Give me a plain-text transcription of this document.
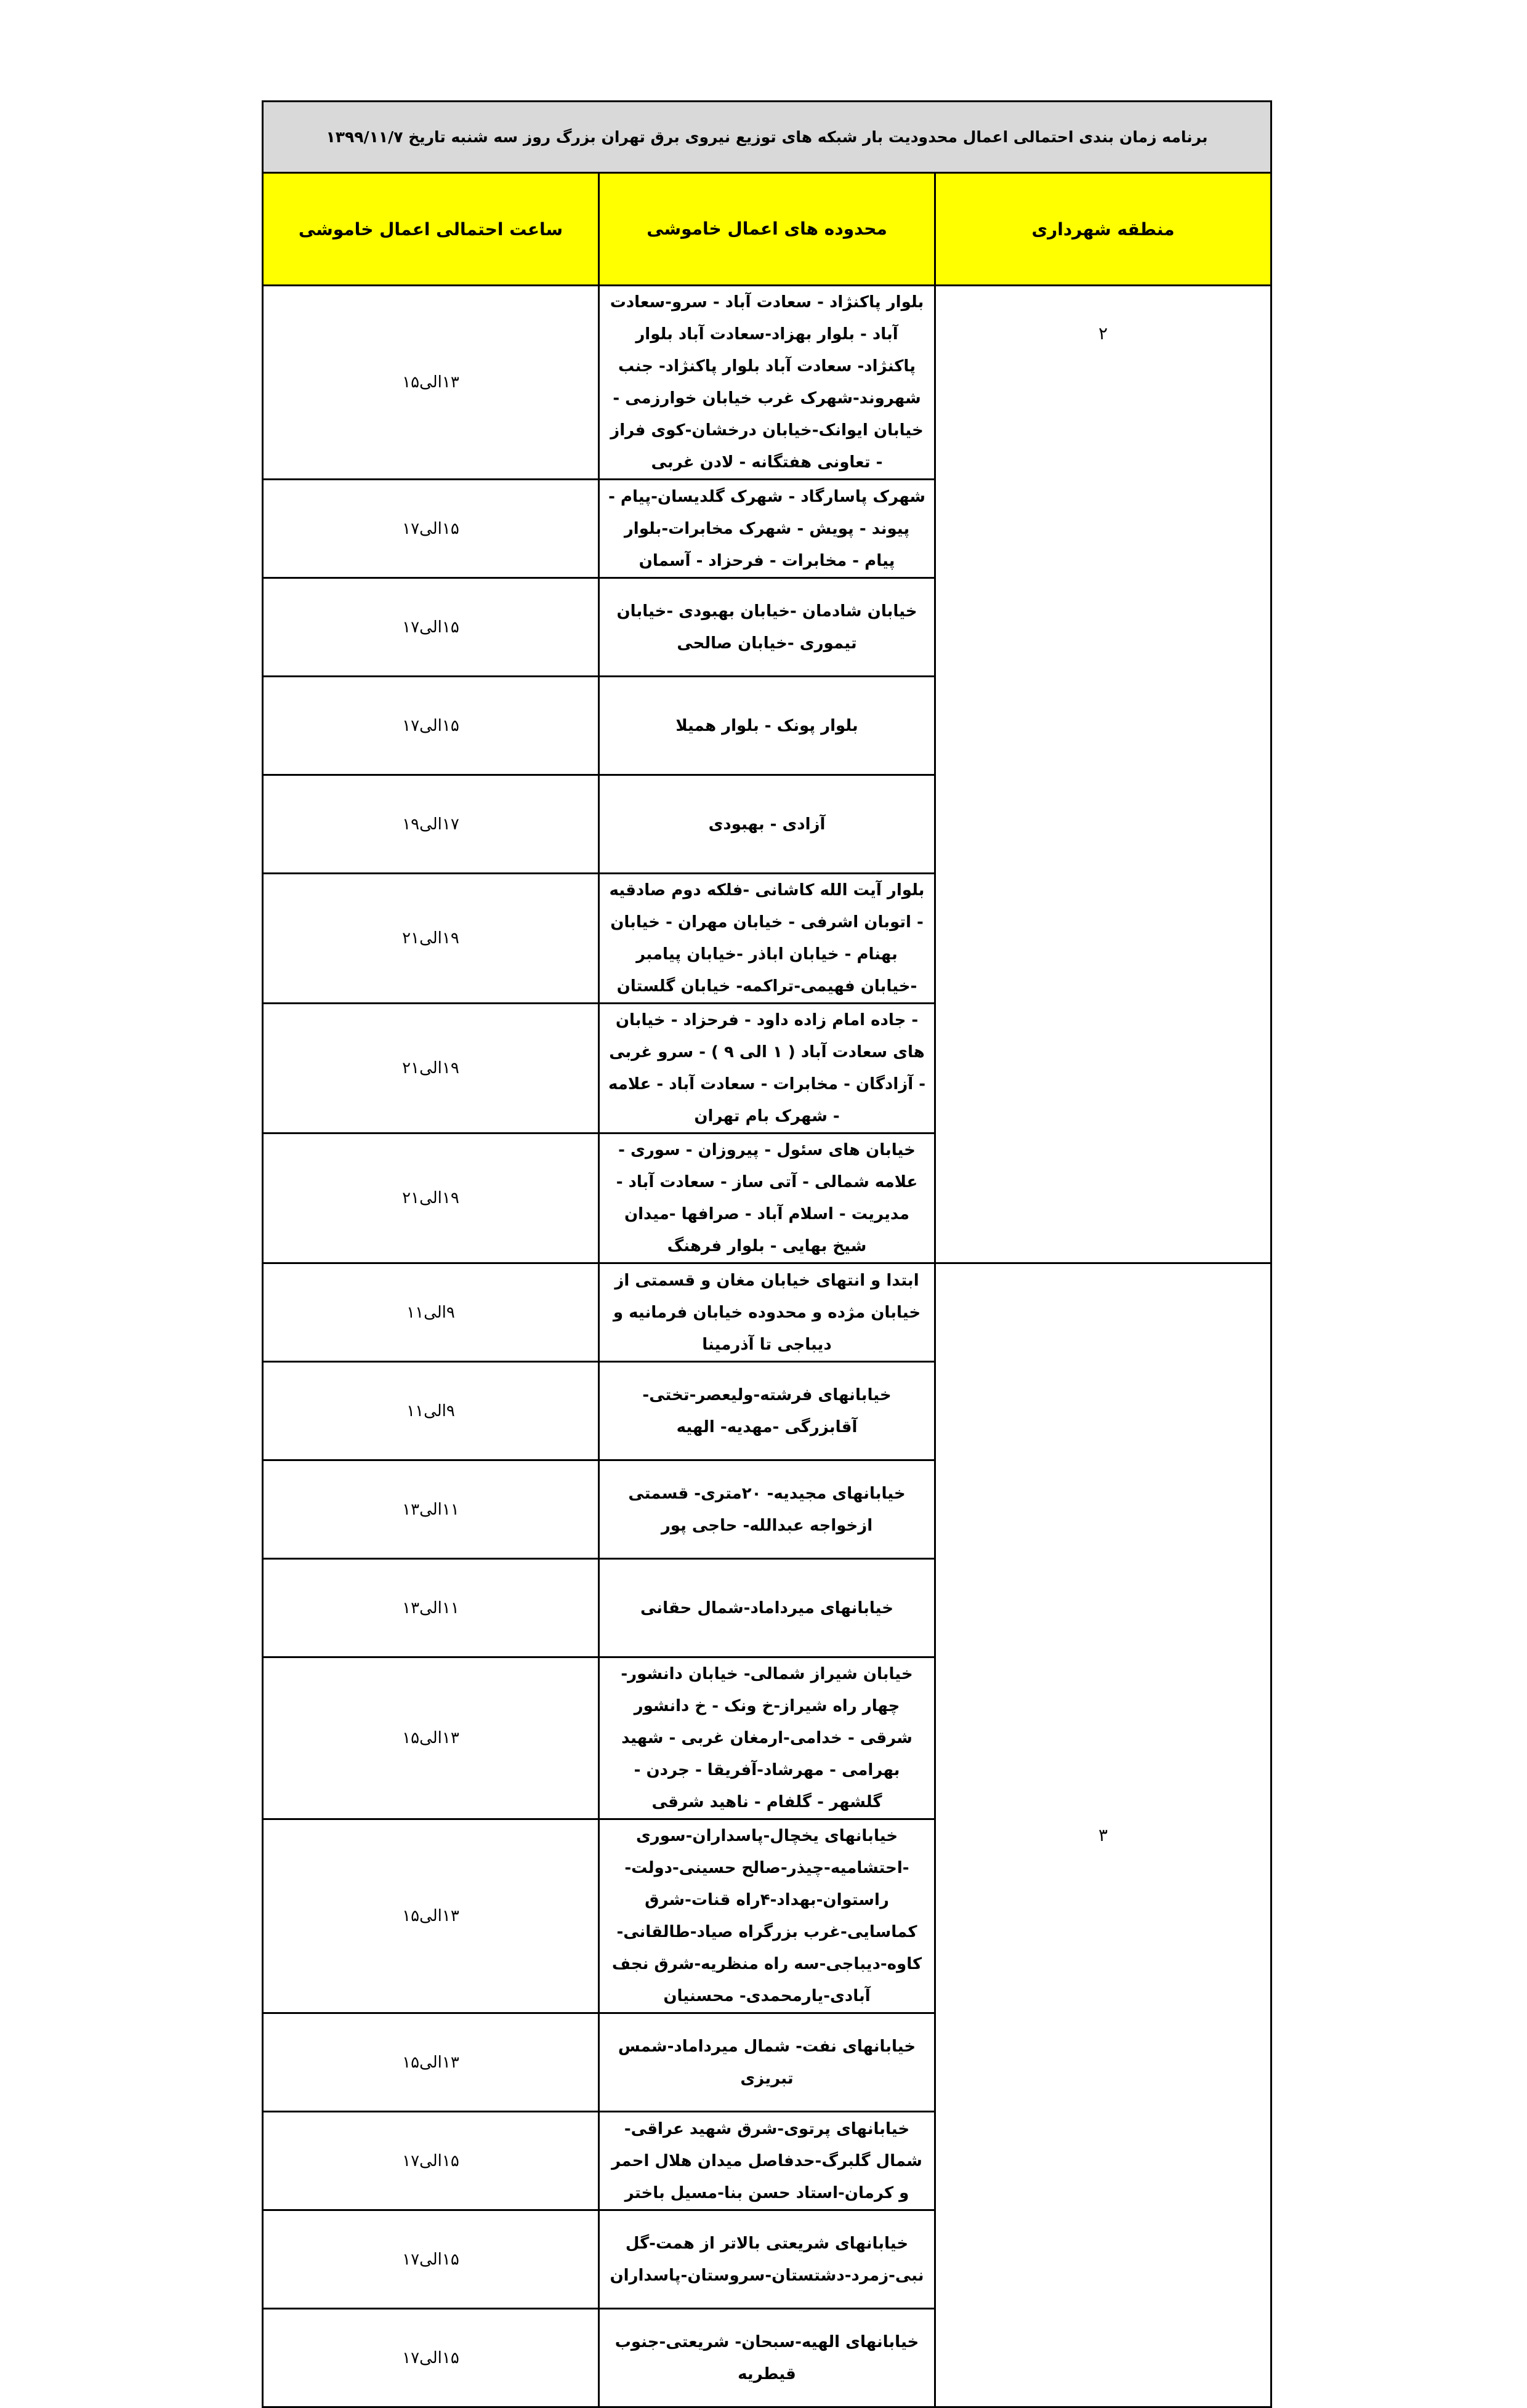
برنامه زمان بندی احتمالی اعمال محدودیت بار شبکه های توزیع نیروی برق تهران بزرگ روز سه شنبه تاریخ ۱۳۹۹/۱۱/۷		
منطقه شهرداری	محدوده های اعمال خاموشی	ساعت احتمالی اعمال خاموشی
۲	بلوار پاکنژاد - سعادت آباد - سرو-سعادت آباد - بلوار بهزاد-سعادت آباد بلوار پاکنژاد- سعادت آباد بلوار پاکنژاد- جنب شهروند-شهرک غرب خیابان خوارزمی - خیابان ایوانک-خیابان درخشان-کوی فراز - تعاونی هفتگانه - لادن غربی	۱۳الی۱۵
	شهرک پاسارگاد - شهرک گلدیسان-پیام - پیوند - پویش - شهرک مخابرات-بلوار پیام - مخابرات - فرحزاد - آسمان	۱۵الی۱۷
	خیابان شادمان -خیابان بهبودی -خیابان تیموری -خیابان صالحی	۱۵الی۱۷
	بلوار پونک - بلوار همیلا	۱۵الی۱۷
	آزادی - بهبودی	۱۷الی۱۹
	بلوار آیت الله کاشانی -فلکه دوم صادقیه - اتوبان اشرفی - خیابان مهران - خیابان بهنام - خیابان اباذر -خیابان پیامبر -خیابان فهیمی-تراکمه- خیابان گلستان	۱۹الی۲۱
	- جاده امام زاده داود - فرحزاد - خیابان های سعادت آباد ( ۱ الی ۹ ) - سرو غربی - آزادگان - مخابرات - سعادت آباد - علامه - شهرک بام تهران	۱۹الی۲۱
	خیابان های سئول - پیروزان - سوری - علامه شمالی - آتی ساز - سعادت آباد - مدیریت - اسلام آباد - صرافها -میدان شیخ بهایی - بلوار فرهنگ	۱۹الی۲۱
۳	ابتدا و انتهای خیابان مغان و قسمتی از خیابان مژده و محدوده خیابان فرمانیه و دیباجی تا آذرمینا	۹الی۱۱
	خیابانهای فرشته-ولیعصر-تختی-آقابزرگی -مهدیه- الهیه	۹الی۱۱
	خیابانهای مجیدیه- ۲۰متری- قسمتی ازخواجه عبدالله- حاجی پور	۱۱الی۱۳
	خیابانهای میرداماد-شمال حقانی	۱۱الی۱۳
	خیابان شیراز شمالی- خیابان دانشور-چهار راه شیراز-خ ونک - خ دانشور شرقی - خدامی-ارمغان غربی - شهید بهرامی - مهرشاد-آفریقا - جردن - گلشهر - گلفام - ناهید شرقی	۱۳الی۱۵
	خیابانهای یخچال-پاسداران-سوری -احتشامیه-چیذر-صالح حسینی-دولت-راستوان-بهداد-۴راه قنات-شرق کماسایی-غرب بزرگراه صیاد-طالقانی-کاوه-دیباجی-سه راه منظریه-شرق نجف آبادی-یارمحمدی- محسنیان	۱۳الی۱۵
	خیابانهای نفت- شمال میرداماد-شمس تبریزی	۱۳الی۱۵
	خیابانهای پرتوی-شرق شهید عراقی-شمال گلبرگ-حدفاصل میدان هلال احمر و کرمان-استاد حسن بنا-مسیل باختر	۱۵الی۱۷
	خیابانهای شریعتی بالاتر از همت-گل نبی-زمرد-دشتستان-سروستان-پاسداران	۱۵الی۱۷
	خیابانهای الهیه-سبحان- شریعتی-جنوب قیطریه	۱۵الی۱۷
